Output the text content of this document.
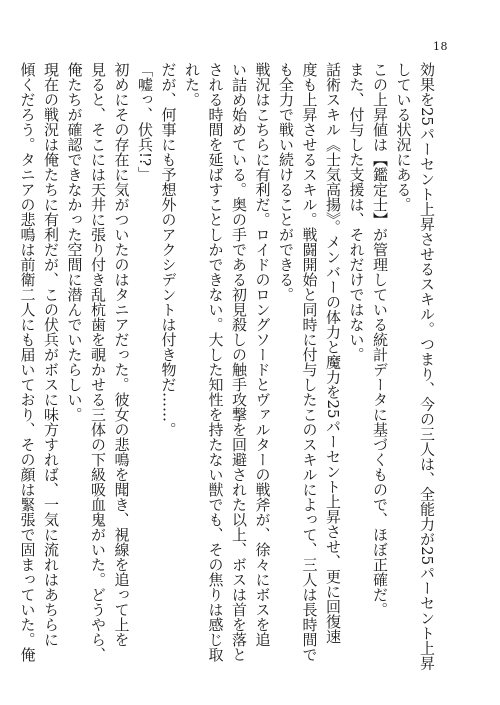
18
効果を25パーセント上昇させるスキル。つまり、今の三人は、全能力が25パーセント上昇
している状況にある。
この上昇値は【鑑定士】が管理している統計データに基づくもので、ほぼ正確だ。
また、付与した支援は、それだけではない。
話術スキル《士気高揚》。メンバーの体力と魔力を25パーセント上昇させ、更に回復速
度も上昇させるスキル。戦闘開始と同時に付与したこのスキルによって、三人は長時間で
も全力で戦い続けることができる。
戦況はこちらに有利だ。ロイドのロングソードとヴァルターの戦斧が、徐々にボスを追
い詰め始めている。奥の手である初見殺しの触手攻撃を回避された以上、ボスは首を落と
される時間を延ばすことしかできない。大した知性を持たない獣でも、その焦りは感じ取
れた。
だが、何事にも予想外のアクシデントは付き物だ……。
「嘘っ、伏兵!?」
初めにその存在に気がついたのはタニアだった。彼女の悲鳴を聞き、視線を追って上を
見ると、そこには天井に張り付き乱杭歯を覗かせる三体の下級吸血鬼がいた。どうやら、
俺たちが確認できなかった空間に潜んでいたらしい。
現在の戦況は俺たちに有利だが、この伏兵がボスに味方すれば、一気に流れはあちらに
傾くだろう。タニアの悲鳴は前衛二人にも届いており、その顔は緊張で固まっていた。俺
